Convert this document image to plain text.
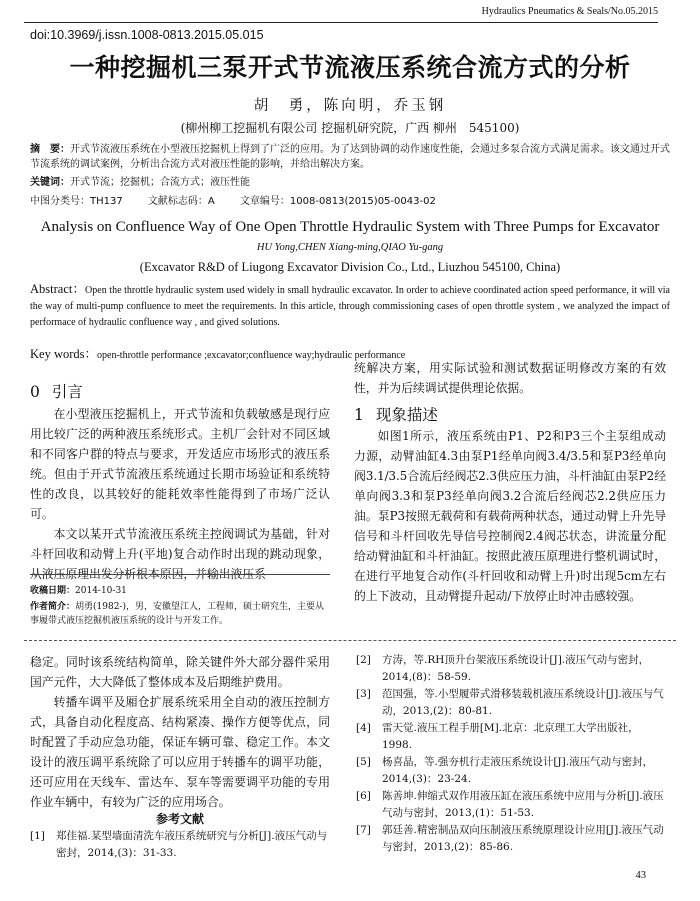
Hydraulics Pneumatics & Seals/No.05.2015
doi:10.3969/j.issn.1008-0813.2015.05.015
一种挖掘机三泵开式节流液压系统合流方式的分析
胡　勇，陈向明，乔玉钢
(柳州柳工挖掘机有限公司 挖掘机研究院，广西 柳州　545100)
摘　要：开式节流液压系统在小型液压挖掘机上得到了广泛的应用。为了达到协调的动作速度性能，会通过多泵合流方式满足需求。该文通过开式节流系统的调试案例，分析出合流方式对液压性能的影响，并给出解决方案。
关键词：开式节流；挖掘机；合流方式；液压性能
中图分类号：TH137	文献标志码：A	文章编号：1008-0813(2015)05-0043-02
Analysis on Confluence Way of One Open Throttle Hydraulic System with Three Pumps for Excavator
HU Yong,CHEN Xiang-ming,QIAO Yu-gang
(Excavator R&D of Liugong Excavator Division Co., Ltd., Liuzhou 545100, China)
Abstract：Open the throttle hydraulic system used widely in small hydraulic excavator. In order to achieve coordinated action speed performance, it will via the way of multi-pump confluence to meet the requirements. In this article, through commissioning cases of open throttle system , we analyzed the impact of performace of hydraulic confluence way , and gived solutions.
Key words：open-throttle performance ;excavator;confluence way;hydraulic performance
0 引言

在小型液压挖掘机上，开式节流和负载敏感是现行应用比较广泛的两种液压系统形式。主机厂会针对不同区域和不同客户群的特点与要求，开发适应市场形式的液压系统。但由于开式节流液压系统通过长期市场验证和系统特性的改良，以其较好的能耗效率性能得到了市场广泛认可。

本文以某开式节流液压系统主控阀调试为基础，针对斗杆回收和动臂上升(平地)复合动作时出现的跳动现象，从液压原理出发分析根本原因，并输出液压系

收稿日期：2014-10-31
作者简介：胡勇(1982-)，男，安徽望江人，工程师，硕士研究生，主要从事履带式液压挖掘机液压系统的设计与开发工作。

统解决方案，用实际试验和测试数据证明修改方案的有效性，并为后续调试提供理论依据。

1 现象描述

如图1所示，液压系统由P1、P2和P3三个主泵组成动力源，动臂油缸4.3由泵P1经单向阀3.4/3.5和泵P3经单向阀3.1/3.5合流后经阀芯2.3供应压力油，斗杆油缸由泵P2经单向阀3.3和泵P3经单向阀3.2合流后经阀芯2.2供应压力油。泵P3按照无载荷和有载荷两种状态，通过动臂上升先导信号和斗杆回收先导信号控制阀2.4阀芯状态，讲流量分配给动臂油缸和斗杆油缸。按照此液压原理进行整机调试时，在进行平地复合动作(斗杆回收和动臂上升)时出现5cm左右的上下波动，且动臂提升起动/下放停止时冲击感较强。

稳定。同时该系统结构简单，除关键件外大部分器件采用国产元件，大大降低了整体成本及后期维护费用。

转播车调平及厢仓扩展系统采用全自动的液压控制方式，具备自动化程度高、结构紧凑、操作方便等优点，同时配置了手动应急功能，保证车辆可靠、稳定工作。本文设计的液压调平系统除了可以应用于转播车的调平功能，还可应用在天线车、雷达车、泵车等需要调平功能的专用作业车辆中，有较为广泛的应用场合。

参考文献
[1]	郑佳福.某型墙面清洗车液压系统研究与分析[J].液压气动与密封，2014,(3)：31-33.
[2]	方涛，等.RH顶升台架液压系统设计[J].液压气动与密封，2014,(8)：58-59.
[3]	范国强，等.小型履带式滑移装载机液压系统设计[J].液压与气动，2013,(2)：80-81.
[4]	雷天觉.液压工程手册[M].北京：北京理工大学出版社，1998.
[5]	杨喜晶，等.强夯机行走液压系统设计[J].液压气动与密封，2014,(3)：23-24.
[6]	陈善坤.伸缩式双作用液压缸在液压系统中应用与分析[J].液压气动与密封，2013,(1)：51-53.
[7]	郭廷善.精密制品双向压制液压系统原理设计应用[J].液压气动与密封，2013,(2)：85-86.
43
